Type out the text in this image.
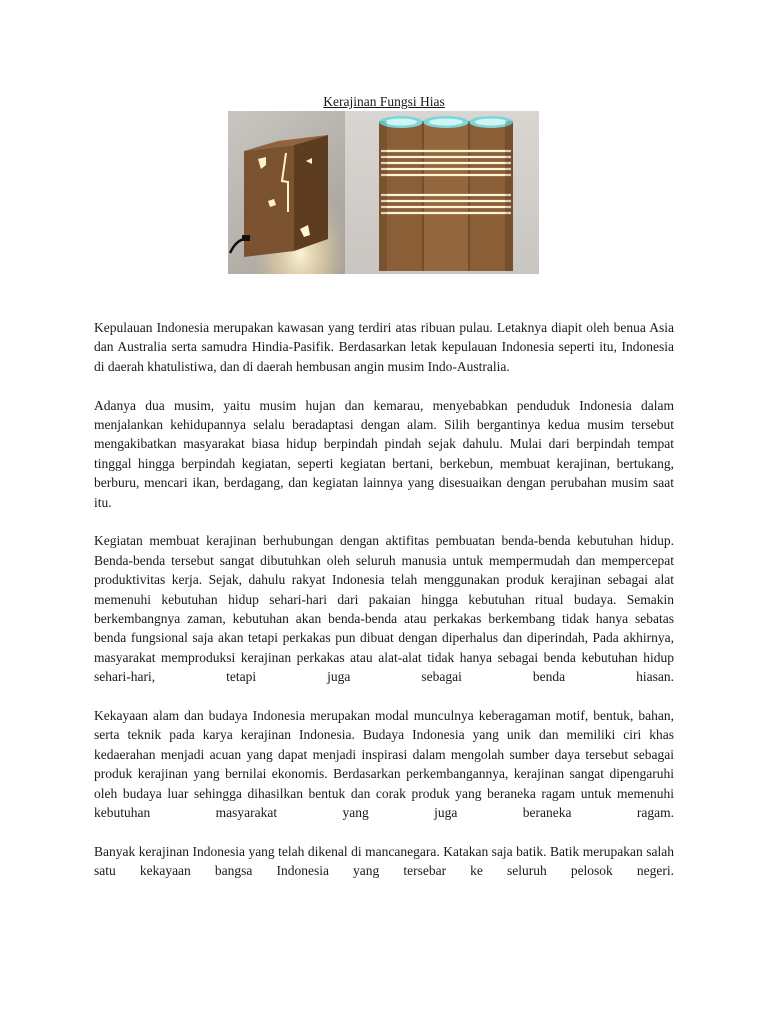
Kerajinan Fungsi Hias

Kepulauan Indonesia merupakan kawasan yang terdiri atas ribuan pulau. Letaknya diapit oleh benua Asia dan Australia serta samudra Hindia-Pasifik. Berdasarkan letak kepulauan Indonesia seperti itu, Indonesia di daerah khatulistiwa, dan di daerah hembusan angin musim Indo-Australia.

Adanya dua musim, yaitu musim hujan dan kemarau, menyebabkan penduduk Indonesia dalam menjalankan kehidupannya selalu beradaptasi dengan alam. Silih bergantinya kedua musim tersebut mengakibatkan masyarakat biasa hidup berpindah pindah sejak dahulu. Mulai dari berpindah tempat tinggal hingga berpindah kegiatan, seperti kegiatan bertani, berkebun, membuat kerajinan, bertukang, berburu, mencari ikan, berdagang, dan kegiatan lainnya yang disesuaikan dengan perubahan musim saat itu.

Kegiatan membuat kerajinan berhubungan dengan aktifitas pembuatan benda-benda kebutuhan hidup. Benda-benda tersebut sangat dibutuhkan oleh seluruh manusia untuk mempermudah dan mempercepat produktivitas kerja. Sejak, dahulu rakyat Indonesia telah menggunakan produk kerajinan sebagai alat memenuhi kebutuhan hidup sehari-hari dari pakaian hingga kebutuhan ritual budaya. Semakin berkembangnya zaman, kebutuhan akan benda-benda atau perkakas berkembang tidak hanya sebatas benda fungsional saja akan tetapi perkakas pun dibuat dengan diperhalus dan diperindah, Pada akhirnya, masyarakat memproduksi kerajinan perkakas atau alat-alat tidak hanya sebagai benda kebutuhan hidup sehari-hari, tetapi juga sebagai benda hiasan.

Kekayaan alam dan budaya Indonesia merupakan modal munculnya keberagaman motif, bentuk, bahan, serta teknik pada karya kerajinan Indonesia. Budaya Indonesia yang unik dan memiliki ciri khas kedaerahan menjadi acuan yang dapat menjadi inspirasi dalam mengolah sumber daya tersebut sebagai produk kerajinan yang bernilai ekonomis. Berdasarkan perkembangannya, kerajinan sangat dipengaruhi oleh budaya luar sehingga dihasilkan bentuk dan corak produk yang beraneka ragam untuk memenuhi kebutuhan masyarakat yang juga beraneka ragam.

Banyak kerajinan Indonesia yang telah dikenal di mancanegara. Katakan saja batik. Batik merupakan salah satu kekayaan bangsa Indonesia yang tersebar ke seluruh pelosok negeri.
